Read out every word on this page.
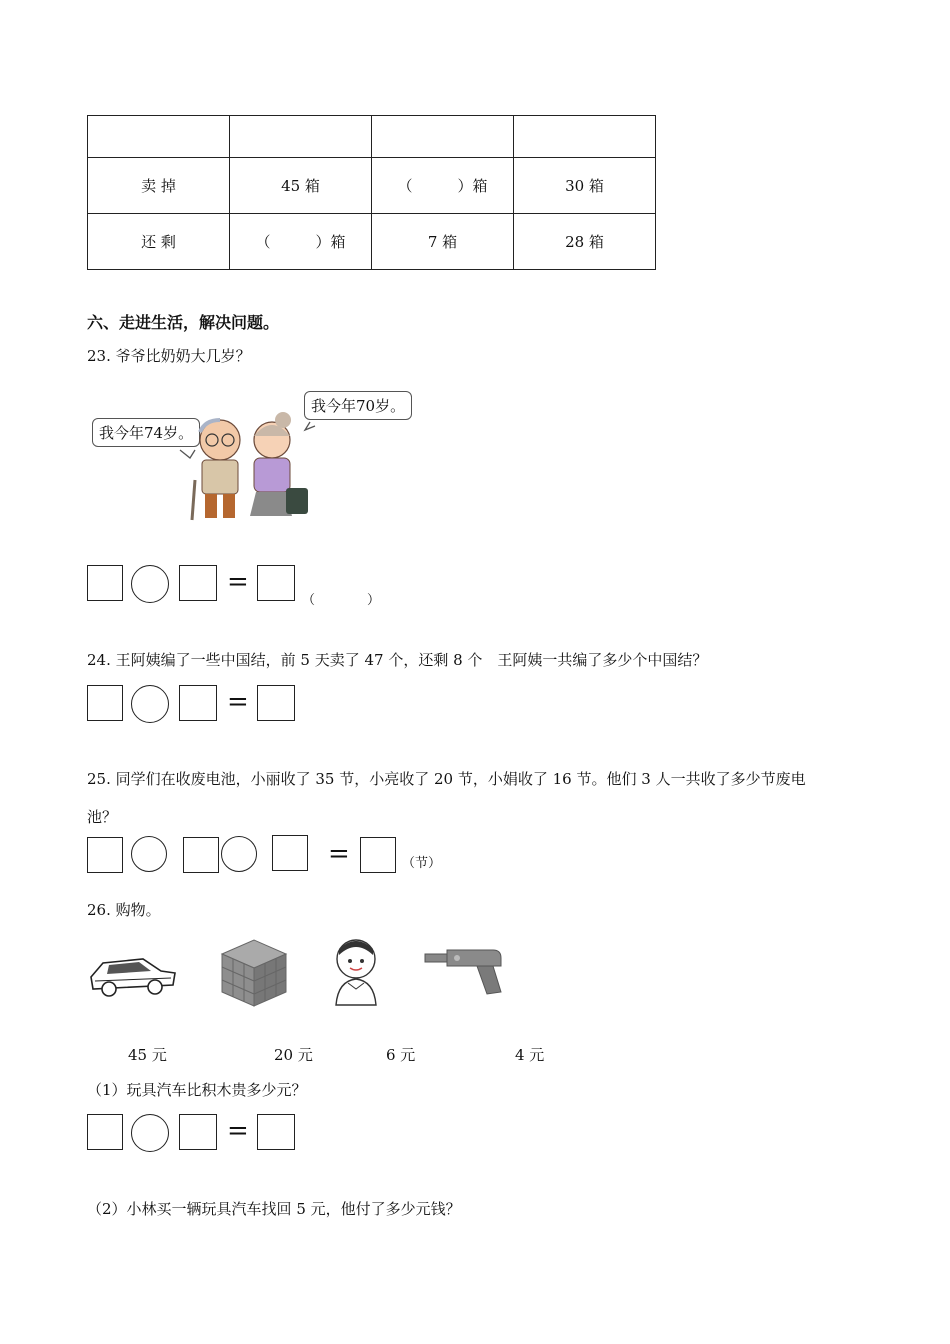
卖 掉	45 箱	（　　　）箱	30 箱
还 剩	（　　　）箱	7 箱	28 箱
六、走进生活，解决问题。
23. 爷爷比奶奶大几岁？
我今年74岁。
我今年70岁。
=
（　　　　）
24. 王阿姨编了一些中国结，前 5 天卖了 47 个，还剩 8 个　王阿姨一共编了多少个中国结？
=
25. 同学们在收废电池，小丽收了 35 节，小亮收了 20 节，小娟收了 16 节。他们 3 人一共收了多少节废电
池？
=	（节）
26. 购物。
45 元	20 元	6 元	4 元
（1）玩具汽车比积木贵多少元？
=
（2）小林买一辆玩具汽车找回 5 元，他付了多少元钱？
